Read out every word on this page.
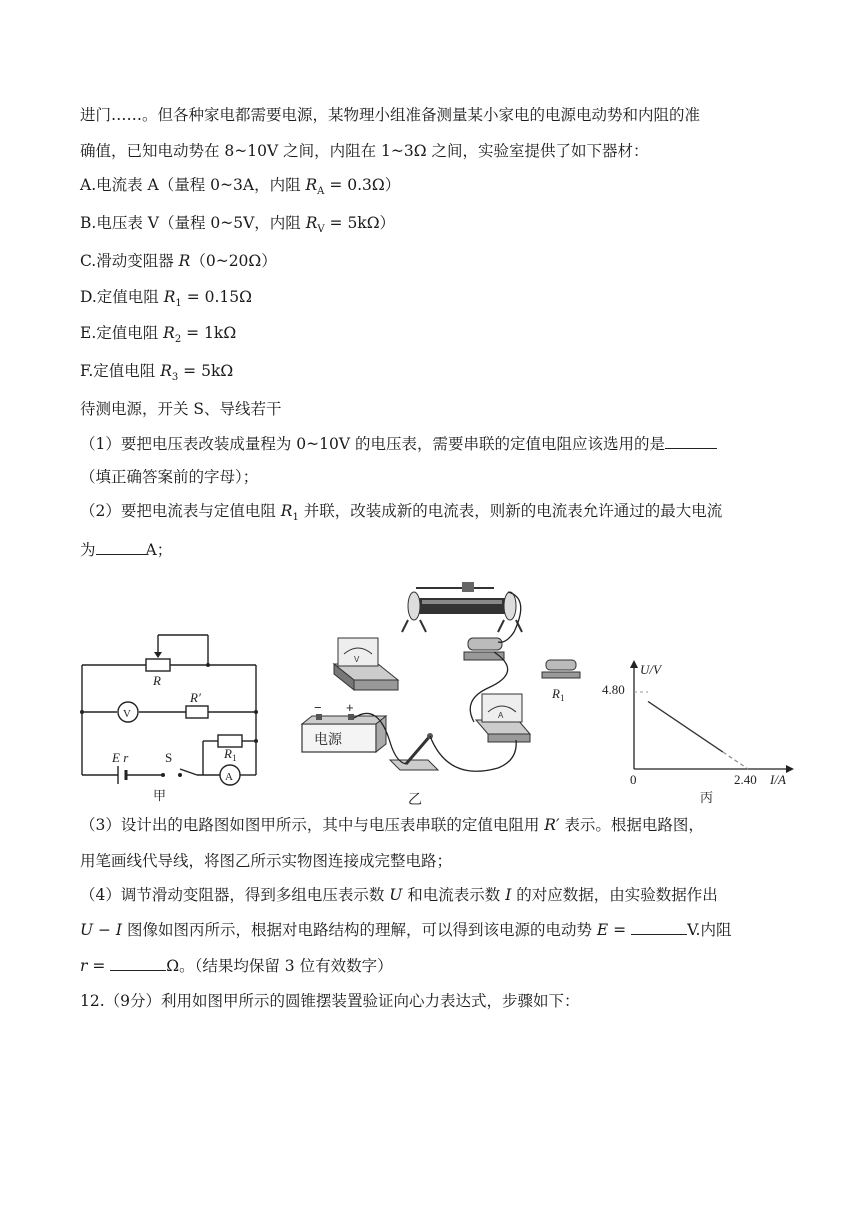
进门……。但各种家电都需要电源，某物理小组准备测量某小家电的电源电动势和内阻的准
确值，已知电动势在 8~10V 之间，内阻在 1~3Ω 之间，实验室提供了如下器材：
A.电流表 A（量程 0~3A，内阻 $R_A = 0.3\Omega$）
B.电压表 V（量程 0~5V，内阻 $R_V = 5k\Omega$）
C.滑动变阻器 R（0~20Ω）
D.定值电阻 $R_1 = 0.15\Omega$
E.定值电阻 $R_2 = 1k\Omega$
F.定值电阻 $R_3 = 5k\Omega$
待测电源，开关 S、导线若干
（1）要把电压表改装成量程为 0~10V 的电压表，需要串联的定值电阻应该选用的是
（填正确答案前的字母）；
（2）要把电流表与定值电阻 $R_1$ 并联，改装成新的电流表，则新的电流表允许通过的最大电流
为	A；
R
V
R′
$R_1$
E r	S
A
甲
V
− +
电源
$R_1$
A
乙
U/V
4.80
0	2.40 I/A
丙
（3）设计出的电路图如图甲所示，其中与电压表串联的定值电阻用 R′ 表示。根据电路图，
用笔画线代导线，将图乙所示实物图连接成完整电路；
（4）调节滑动变阻器，得到多组电压表示数 U 和电流表示数 I 的对应数据，由实验数据作出
U − I 图像如图丙所示，根据对电路结构的理解，可以得到该电源的电动势 E =	V.内阻
r =	Ω。（结果均保留 3 位有效数字）
12.（9分）利用如图甲所示的圆锥摆装置验证向心力表达式，步骤如下：
